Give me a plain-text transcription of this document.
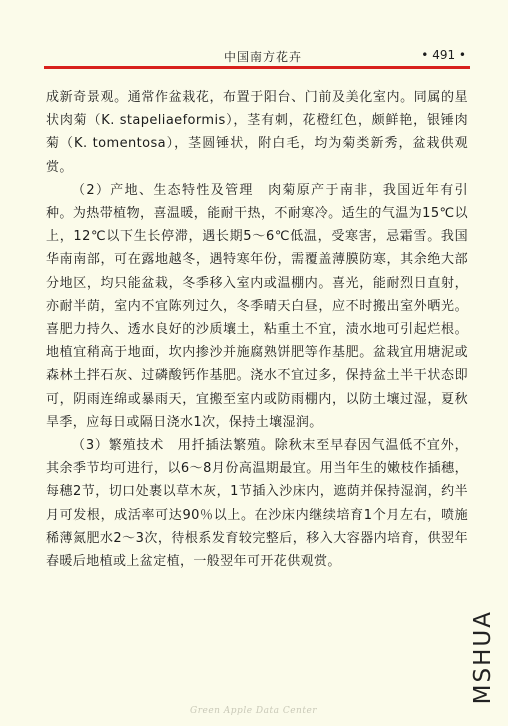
中国南方花卉	• 491 •

成新奇景观。通常作盆栽花，布置于阳台、门前及美化室内。同属的星状肉菊（K. stapeliaeformis），茎有刺，花橙红色，颇鲜艳，银锤肉菊（K. tomentosa），茎圆锤状，附白毛，均为菊类新秀，盆栽供观赏。

（2）产地、生态特性及管理　肉菊原产于南非，我国近年有引种。为热带植物，喜温暖，能耐干热，不耐寒冷。适生的气温为15℃以上，12℃以下生长停滞，遇长期5～6℃低温，受寒害，忌霜雪。我国华南南部，可在露地越冬，遇特寒年份，需覆盖薄膜防寒，其余绝大部分地区，均只能盆栽，冬季移入室内或温棚内。喜光，能耐烈日直射，亦耐半荫，室内不宜陈列过久，冬季晴天白昼，应不时搬出室外晒光。喜肥力持久、透水良好的沙质壤土，粘重土不宜，渍水地可引起烂根。地植宜稍高于地面，坎内掺沙并施腐熟饼肥等作基肥。盆栽宜用塘泥或森林土拌石灰、过磷酸钙作基肥。浇水不宜过多，保持盆土半干状态即可，阴雨连绵或暴雨天，宜搬至室内或防雨棚内，以防土壤过湿，夏秋旱季，应每日或隔日浇水1次，保持土壤湿润。

（3）繁殖技术　用扦插法繁殖。除秋末至早春因气温低不宜外，其余季节均可进行，以6～8月份高温期最宜。用当年生的嫩枝作插穗，每穗2节，切口处裹以草木灰，1节插入沙床内，遮荫并保持湿润，约半月可发根，成活率可达90％以上。在沙床内继续培育1个月左右，喷施稀薄氮肥水2～3次，待根系发育较完整后，移入大容器内培育，供翌年春暖后地植或上盆定植，一般翌年可开花供观赏。

MSHUA
Green Apple Data Center
